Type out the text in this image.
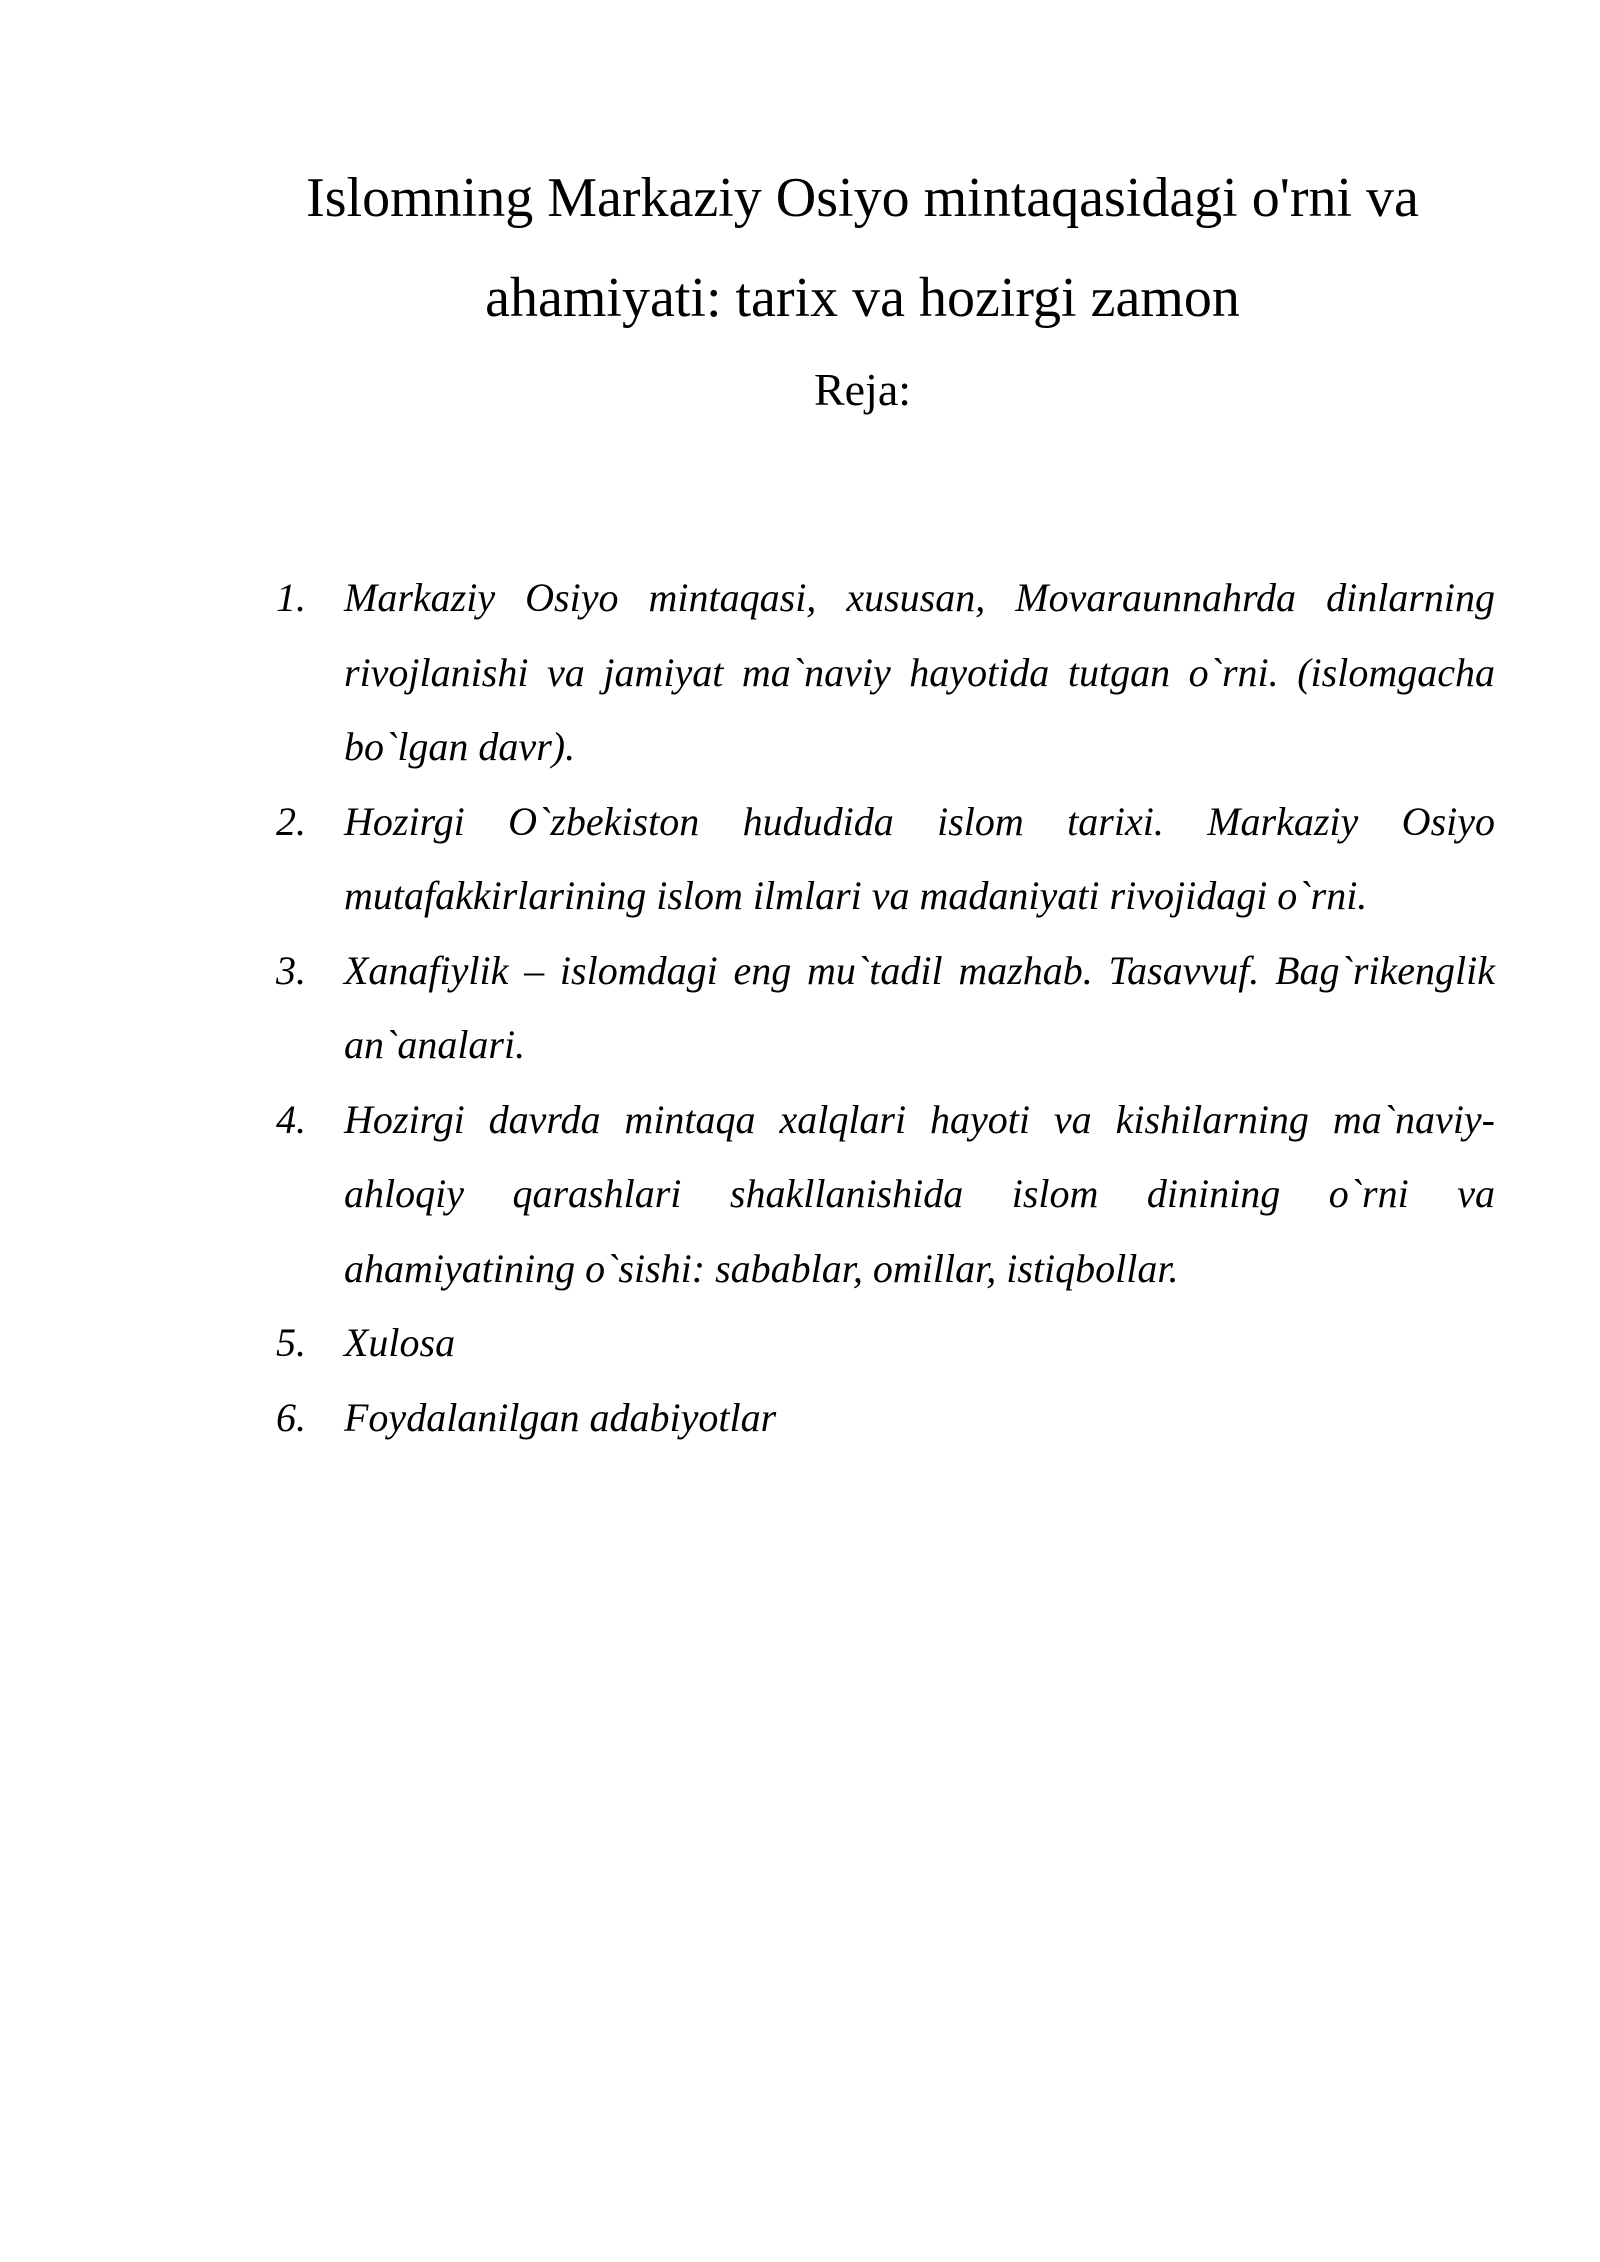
Islomning Markaziy Osiyo mintaqasidagi o'rni va ahamiyati: tarix va hozirgi zamon
Reja:
1. Markaziy Osiyo mintaqasi, xususan, Movaraunnahrda dinlarning rivojlanishi va jamiyat ma`naviy hayotida tutgan o`rni. (islomgacha bo`lgan davr).
2. Hozirgi O`zbekiston hududida islom tarixi. Markaziy Osiyo mutafakkirlarining islom ilmlari va madaniyati rivojidagi o`rni.
3. Xanafiylik – islomdagi eng mu`tadil mazhab. Tasavvuf. Bag`rikenglik an`analari.
4. Hozirgi davrda mintaqa xalqlari hayoti va kishilarning ma`naviy-ahloqiy qarashlari shakllanishida islom dinining o`rni va ahamiyatining o`sishi: sabablar, omillar, istiqbollar.
5. Xulosa
6. Foydalanilgan adabiyotlar
